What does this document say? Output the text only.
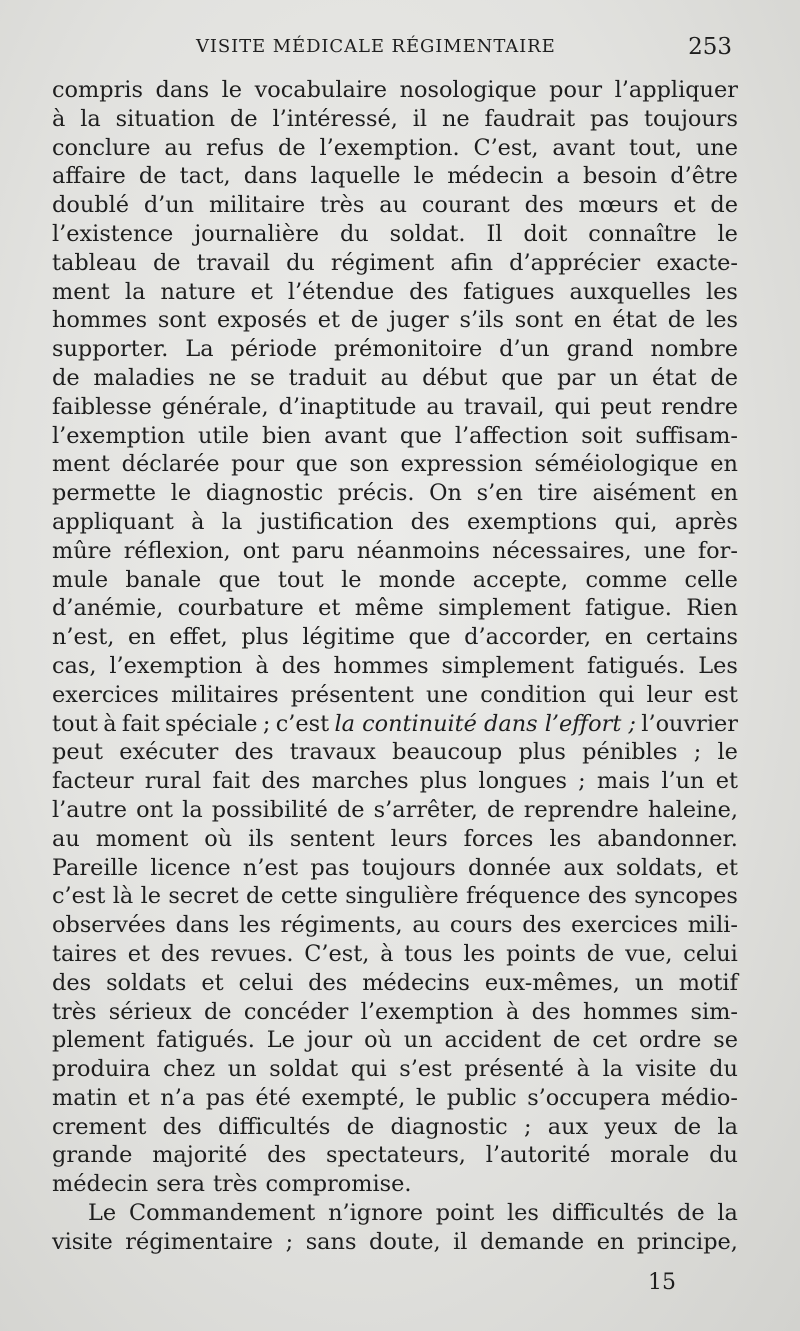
VISITE MÉDICALE RÉGIMENTAIRE	253
compris dans le vocabulaire nosologique pour l’appliquer
à la situation de l’intéressé, il ne faudrait pas toujours
conclure au refus de l’exemption. C’est, avant tout, une
affaire de tact, dans laquelle le médecin a besoin d’être
doublé d’un militaire très au courant des mœurs et de
l’existence journalière du soldat. Il doit connaître le
tableau de travail du régiment afin d’apprécier exacte-
ment la nature et l’étendue des fatigues auxquelles les
hommes sont exposés et de juger s’ils sont en état de les
supporter. La période prémonitoire d’un grand nombre
de maladies ne se traduit au début que par un état de
faiblesse générale, d’inaptitude au travail, qui peut rendre
l’exemption utile bien avant que l’affection soit suffisam-
ment déclarée pour que son expression séméiologique en
permette le diagnostic précis. On s’en tire aisément en
appliquant à la justification des exemptions qui, après
mûre réflexion, ont paru néanmoins nécessaires, une for-
mule banale que tout le monde accepte, comme celle
d’anémie, courbature et même simplement fatigue. Rien
n’est, en effet, plus légitime que d’accorder, en certains
cas, l’exemption à des hommes simplement fatigués. Les
exercices militaires présentent une condition qui leur est
tout à fait spéciale ; c’est la continuité dans l’effort ; l’ouvrier
peut exécuter des travaux beaucoup plus pénibles ; le
facteur rural fait des marches plus longues ; mais l’un et
l’autre ont la possibilité de s’arrêter, de reprendre haleine,
au moment où ils sentent leurs forces les abandonner.
Pareille licence n’est pas toujours donnée aux soldats, et
c’est là le secret de cette singulière fréquence des syncopes
observées dans les régiments, au cours des exercices mili-
taires et des revues. C’est, à tous les points de vue, celui
des soldats et celui des médecins eux-mêmes, un motif
très sérieux de concéder l’exemption à des hommes sim-
plement fatigués. Le jour où un accident de cet ordre se
produira chez un soldat qui s’est présenté à la visite du
matin et n’a pas été exempté, le public s’occupera médio-
crement des difficultés de diagnostic ; aux yeux de la
grande majorité des spectateurs, l’autorité morale du
médecin sera très compromise.
Le Commandement n’ignore point les difficultés de la
visite régimentaire ; sans doute, il demande en principe,
15
